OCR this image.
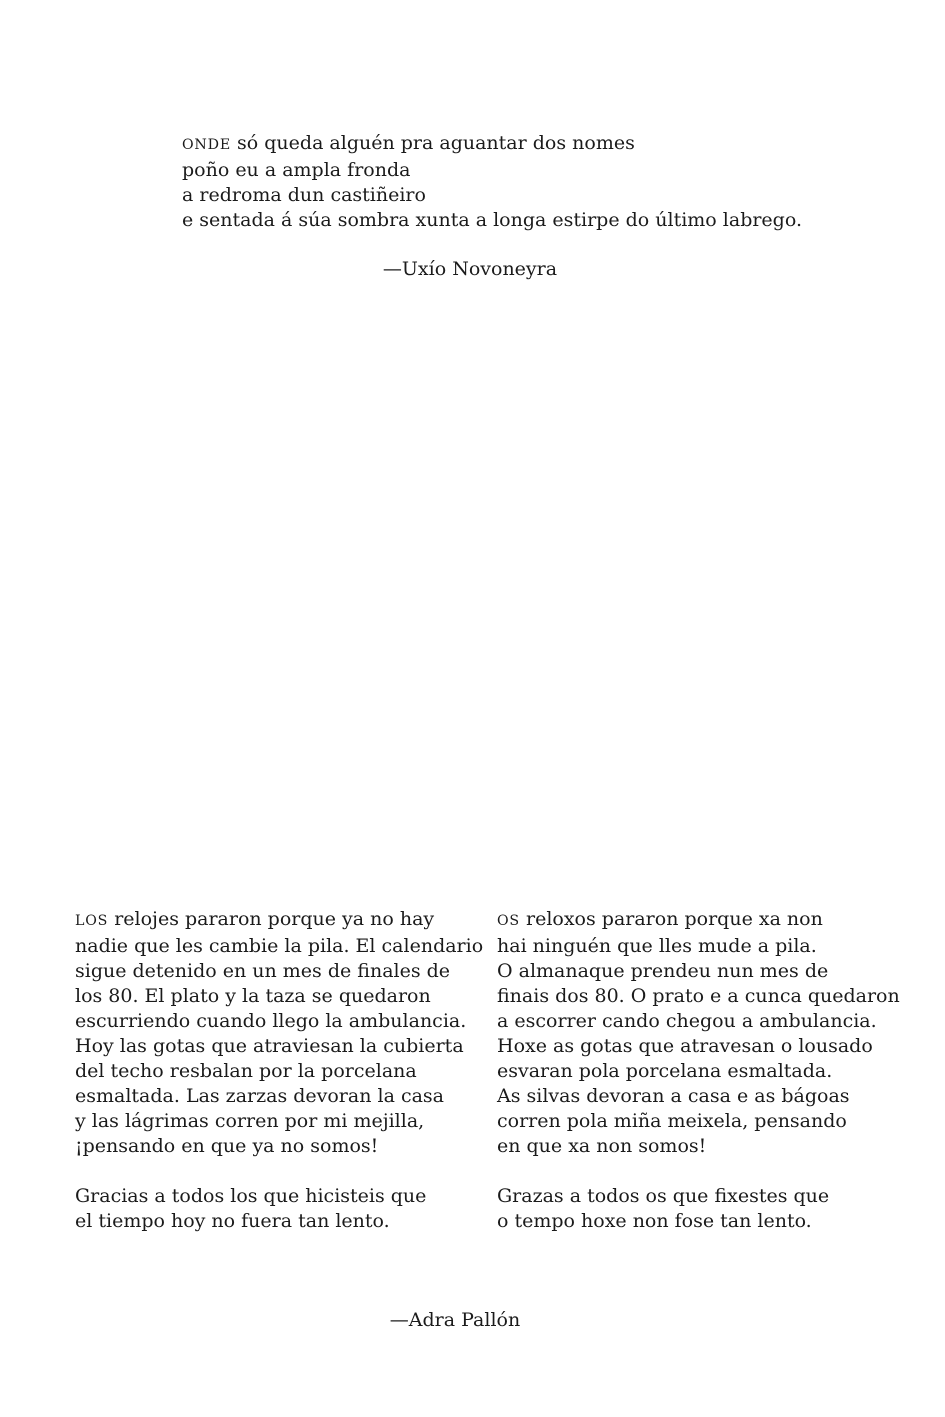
ONDE só queda alguén pra aguantar dos nomes
poño eu a ampla fronda
a redroma dun castiñeiro
e sentada á súa sombra xunta a longa estirpe do último labrego.
—Uxío Novoneyra
LOS relojes pararon porque ya no hay
nadie que les cambie la pila. El calendario
sigue detenido en un mes de finales de
los 80. El plato y la taza se quedaron
escurriendo cuando llego la ambulancia.
Hoy las gotas que atraviesan la cubierta
del techo resbalan por la porcelana
esmaltada. Las zarzas devoran la casa
y las lágrimas corren por mi mejilla,
¡pensando en que ya no somos!
Gracias a todos los que hicisteis que
el tiempo hoy no fuera tan lento.
OS reloxos pararon porque xa non
hai ninguén que lles mude a pila.
O almanaque prendeu nun mes de
finais dos 80. O prato e a cunca quedaron
a escorrer cando chegou a ambulancia.
Hoxe as gotas que atravesan o lousado
esvaran pola porcelana esmaltada.
As silvas devoran a casa e as bágoas
corren pola miña meixela, pensando
en que xa non somos!
Grazas a todos os que fixestes que
o tempo hoxe non fose tan lento.
—Adra Pallón
